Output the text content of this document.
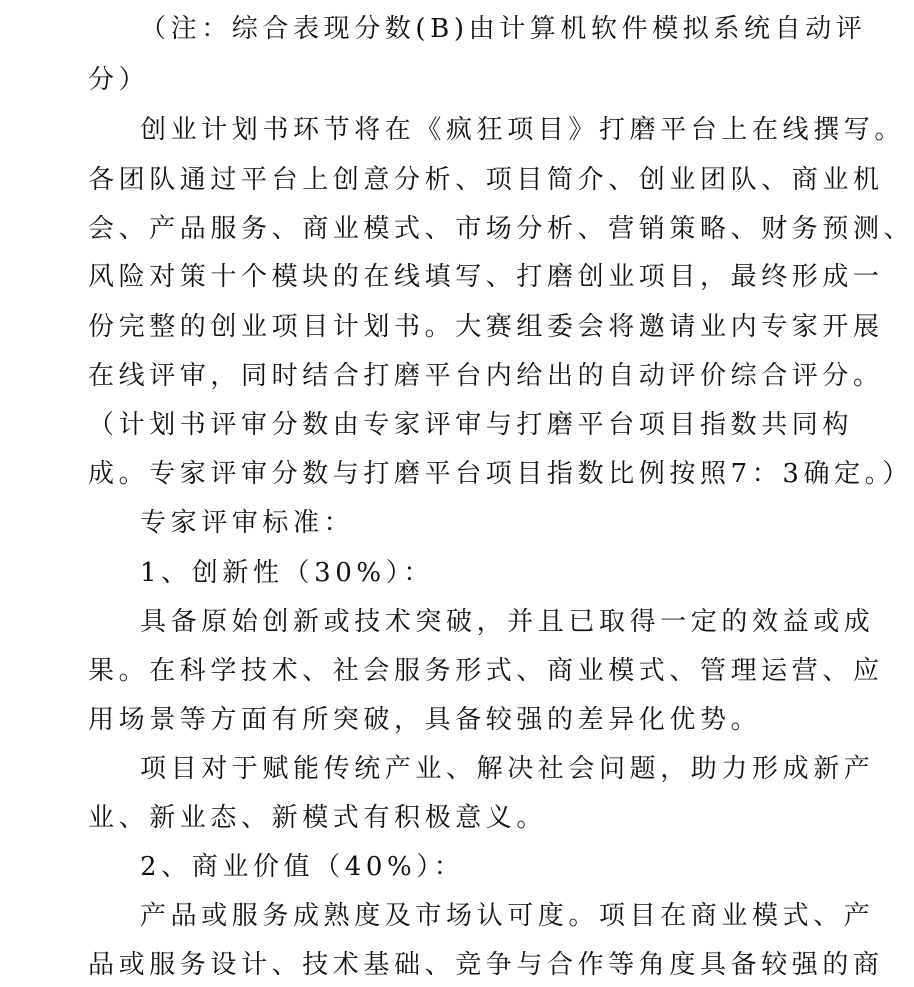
（注：综合表现分数(B)由计算机软件模拟系统自动评
分）
创业计划书环节将在《疯狂项目》打磨平台上在线撰写。
各团队通过平台上创意分析、项目简介、创业团队、商业机
会、产品服务、商业模式、市场分析、营销策略、财务预测、
风险对策十个模块的在线填写、打磨创业项目，最终形成一
份完整的创业项目计划书。大赛组委会将邀请业内专家开展
在线评审，同时结合打磨平台内给出的自动评价综合评分。
（计划书评审分数由专家评审与打磨平台项目指数共同构
成。专家评审分数与打磨平台项目指数比例按照7：3确定。）
专家评审标准：
1、创新性（30%）：
具备原始创新或技术突破，并且已取得一定的效益或成
果。在科学技术、社会服务形式、商业模式、管理运营、应
用场景等方面有所突破，具备较强的差异化优势。
项目对于赋能传统产业、解决社会问题，助力形成新产
业、新业态、新模式有积极意义。
2、商业价值（40%）：
产品或服务成熟度及市场认可度。项目在商业模式、产
品或服务设计、技术基础、竞争与合作等角度具备较强的商
